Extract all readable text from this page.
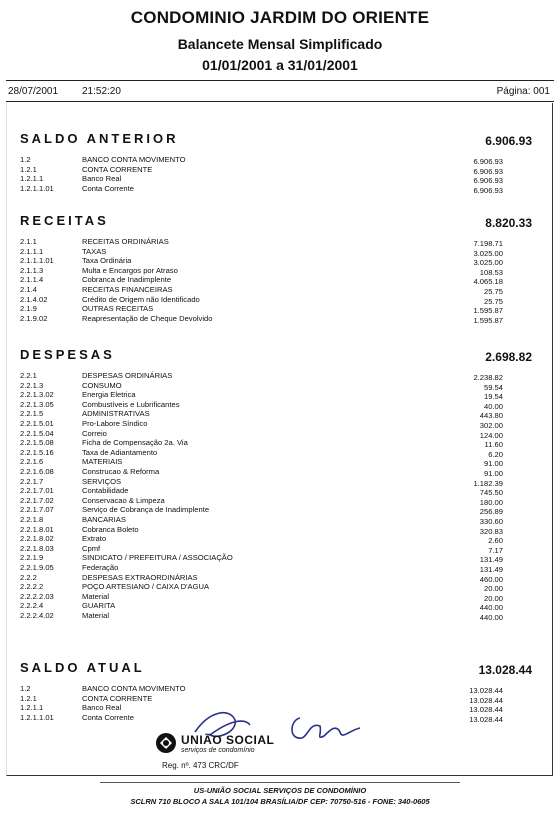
CONDOMINIO JARDIM DO ORIENTE
Balancete Mensal Simplificado
01/01/2001 a 31/01/2001
28/07/2001 21:52:20	Página: 001
SALDO ANTERIOR	6.906.93
1.2	BANCO CONTA MOVIMENTO	6.906.93
1.2.1	CONTA CORRENTE	6.906.93
1.2.1.1	Banco Real	6.906.93
1.2.1.1.01	Conta Corrente	6.906.93
RECEITAS	8.820.33
2.1.1	RECEITAS ORDINÁRIAS	7.198.71
2.1.1.1	TAXAS	3.025.00
2.1.1.1.01	Taxa Ordinária	3.025.00
2.1.1.3	Multa e Encargos por Atraso	108.53
2.1.1.4	Cobranca de Inadimplente	4.065.18
2.1.4	RECEITAS FINANCEIRAS	25.75
2.1.4.02	Crédito de Origem não Identificado	25.75
2.1.9	OUTRAS RECEITAS	1.595.87
2.1.9.02	Reapresentação de Cheque Devolvido	1.595.87
DESPESAS	2.698.82
2.2.1	DESPESAS ORDINÁRIAS	2.238.82
2.2.1.3	CONSUMO	59.54
2.2.1.3.02	Energia Eletrica	19.54
2.2.1.3.05	Combustíveis e Lubrificantes	40.00
2.2.1.5	ADMINISTRATIVAS	443.80
2.2.1.5.01	Pro-Labore Síndico	302.00
2.2.1.5.04	Correio	124.00
2.2.1.5.08	Ficha de Compensação 2a. Via	11.60
2.2.1.5.16	Taxa de Adiantamento	6.20
2.2.1.6	MATERIAIS	91.00
2.2.1.6.08	Construcao & Reforma	91.00
2.2.1.7	SERVIÇOS	1.182.39
2.2.1.7.01	Contabilidade	745.50
2.2.1.7.02	Conservacao & Limpeza	180.00
2.2.1.7.07	Serviço de Cobrança de Inadimplente	256.89
2.2.1.8	BANCARIAS	330.60
2.2.1.8.01	Cobranca Boleto	320.83
2.2.1.8.02	Extrato	2.60
2.2.1.8.03	Cpmf	7.17
2.2.1.9	SINDICATO / PREFEITURA / ASSOCIAÇÃO	131.49
2.2.1.9.05	Federação	131.49
2.2.2	DESPESAS EXTRAORDINÁRIAS	460.00
2.2.2.2	POÇO ARTESIANO / CAIXA D'AGUA	20.00
2.2.2.2.03	Material	20.00
2.2.2.4	GUARITA	440.00
2.2.2.4.02	Material	440.00
SALDO ATUAL	13.028.44
1.2	BANCO CONTA MOVIMENTO	13.028.44
1.2.1	CONTA CORRENTE	13.028.44
1.2.1.1	Banco Real	13.028.44
1.2.1.1.01	Conta Corrente	13.028.44
UNIÃO SOCIAL
serviços de condomínio
Reg. nº. 473 CRC/DF
US-UNIÃO SOCIAL SERVIÇOS DE CONDOMÍNIO
SCLRN 710 BLOCO A SALA 101/104 BRASÍLIA/DF CEP: 70750-516 - FONE: 340-0605
